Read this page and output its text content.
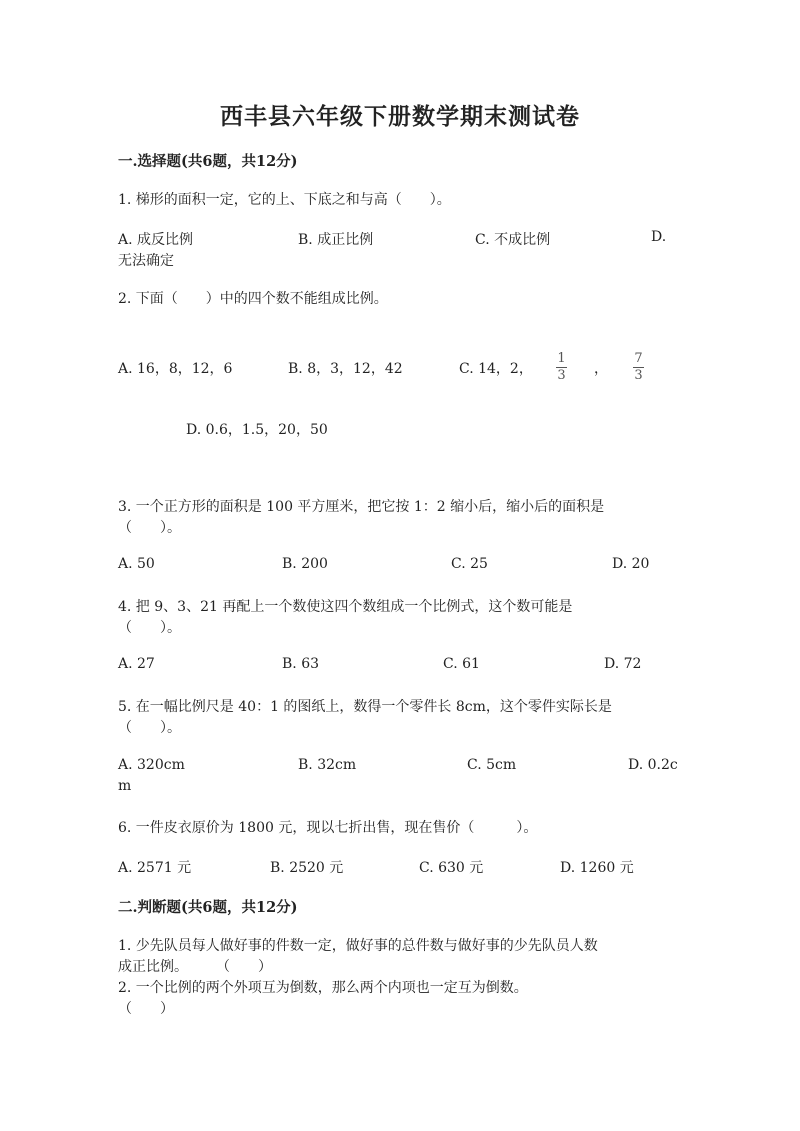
西丰县六年级下册数学期末测试卷
一.选择题(共6题，共12分)
1. 梯形的面积一定，它的上、下底之和与高（　　）。
A. 成反比例	B. 成正比例	C. 不成比例	D.
无法确定
2. 下面（　　）中的四个数不能组成比例。
A. 16，8，12，6	B. 8，3，12，42	C. 14，2，
1
3 ，
7
3
D. 0.6，1.5，20，50
3. 一个正方形的面积是 100 平方厘米，把它按 1：2 缩小后，缩小后的面积是
（　　）。
A. 50	B. 200	C. 25	D. 20
4. 把 9、3、21 再配上一个数使这四个数组成一个比例式，这个数可能是
（　　）。
A. 27	B. 63	C. 61	D. 72
5. 在一幅比例尺是 40：1 的图纸上，数得一个零件长 8cm，这个零件实际长是
（　　）。
A. 320cm	B. 32cm	C. 5cm	D. 0.2c
m
6. 一件皮衣原价为 1800 元，现以七折出售，现在售价（　　　）。
A. 2571 元	B. 2520 元	C. 630 元	D. 1260 元
二.判断题(共6题，共12分)
1. 少先队员每人做好事的件数一定，做好事的总件数与做好事的少先队员人数
成正比例。　　　（　　）
2. 一个比例的两个外项互为倒数，那么两个内项也一定互为倒数。
（　　）
